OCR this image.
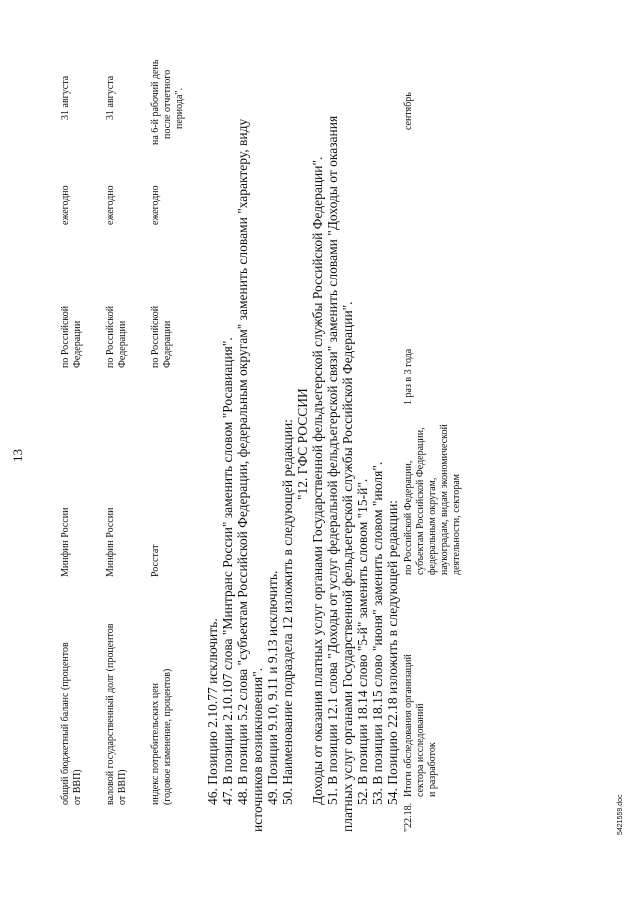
13
общий бюджетный баланс (процентов от ВВП)
Минфин России
по Российской Федерации
ежегодно
31 августа
валовой государственный долг (процентов от ВВП)
Минфин России
по Российской Федерации
ежегодно
31 августа
индекс потребительских цен (годовое изменение, процентов)
Росстат
по Российской Федерации
ежегодно
на 6-й рабочий день после отчетного периода".
46. Позицию 2.10.77 исключить. 47. В позиции 2.10.107 слова "Минтранс России" заменить словом "Росавиация". 48. В позиции 5.2 слова "субъектам Российской Федерации, федеральным округам" заменить словами "характеру, виду источников возникновения". 49. Позиции 9.10, 9.11 и 9.13 исключить. 50. Наименование подраздела 12 изложить в следующей редакции: "12. ГФС РОССИИ Доходы от оказания платных услуг органами Государственной фельдъегерской службы Российской Федерации". 51. В позиции 12.1 слова "Доходы от услуг федеральной фельдъегерской связи" заменить словами "Доходы от оказания платных услуг органами Государственной фельдъегерской службы Российской Федерации". 52. В позиции 18.14 слово "5-й" заменить словом "15-й". 53. В позиции 18.15 слово "июня" заменить словом "июля". 54. Позицию 22.18 изложить в следующей редакции:
"22.18.
Итоги обследования организаций сектора исследований и разработок
по Российской Федерации, субъектам Российской Федерации, федеральным округам, наукоградам, видам экономической деятельности, секторам
1 раз в 3 года
сентябрь
5421559.doc
